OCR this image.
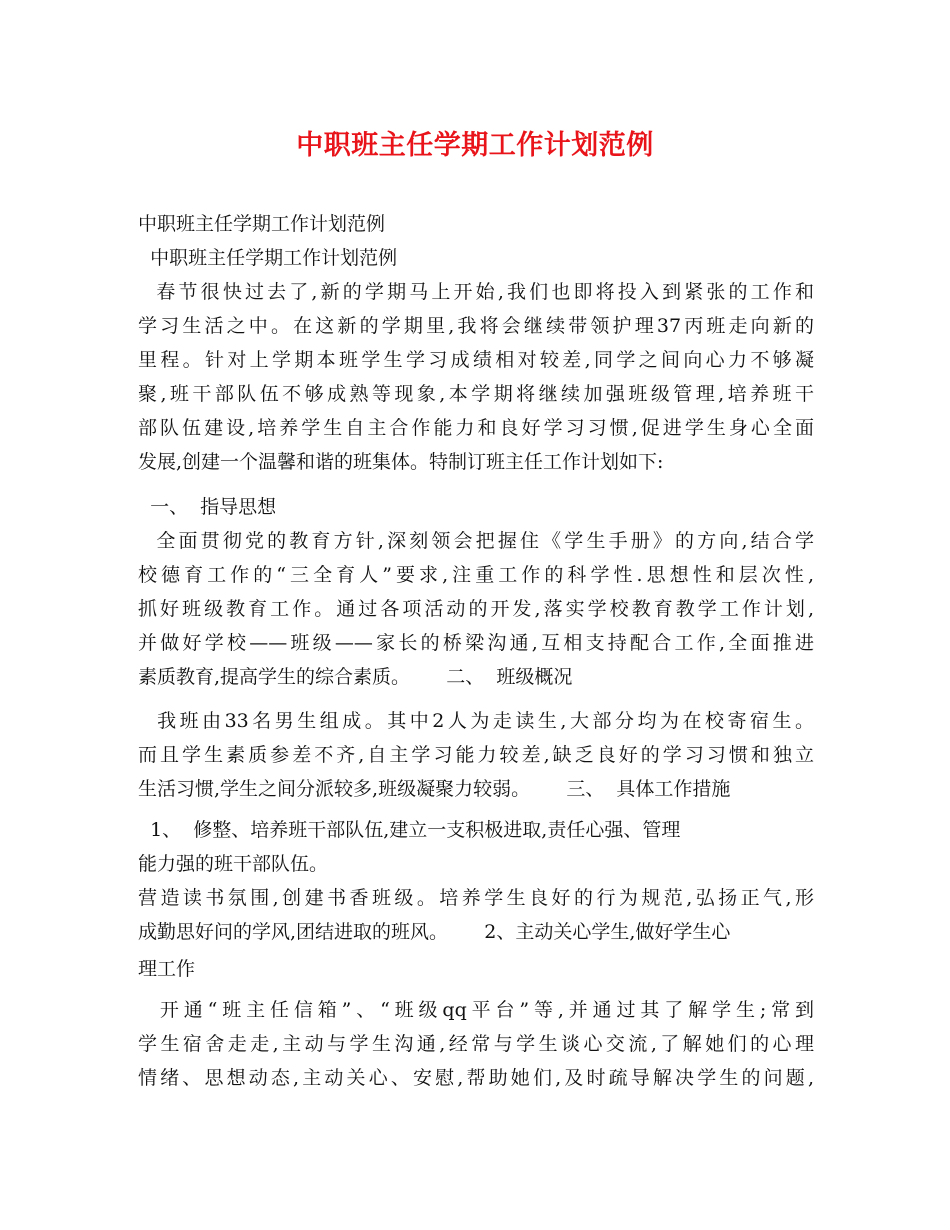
中职班主任学期工作计划范例
中职班主任学期工作计划范例
中职班主任学期工作计划范例
春节很快过去了,新的学期马上开始,我们也即将投入到紧张的工作和
学习生活之中。在这新的学期里,我将会继续带领护理37丙班走向新的
里程。针对上学期本班学生学习成绩相对较差,同学之间向心力不够凝
聚,班干部队伍不够成熟等现象,本学期将继续加强班级管理,培养班干
部队伍建设,培养学生自主合作能力和良好学习习惯,促进学生身心全面
发展,创建一个温馨和谐的班集体。特制订班主任工作计划如下:
一、  指导思想
全面贯彻党的教育方针,深刻领会把握住《学生手册》的方向,结合学
校德育工作的“三全育人”要求,注重工作的科学性.思想性和层次性,
抓好班级教育工作。通过各项活动的开发,落实学校教育教学工作计划,
并做好学校——班级——家长的桥梁沟通,互相支持配合工作,全面推进
素质教育,提高学生的综合素质。      二、  班级概况
我班由33名男生组成。其中2人为走读生,大部分均为在校寄宿生。
而且学生素质参差不齐,自主学习能力较差,缺乏良好的学习习惯和独立
生活习惯,学生之间分派较多,班级凝聚力较弱。      三、  具体工作措施
1、  修整、培养班干部队伍,建立一支积极进取,责任心强、管理
能力强的班干部队伍。
营造读书氛围,创建书香班级。培养学生良好的行为规范,弘扬正气,形
成勤思好问的学风,团结进取的班风。      2、主动关心学生,做好学生心
理工作
开通“班主任信箱”、“班级qq平台”等,并通过其了解学生;常到
学生宿舍走走,主动与学生沟通,经常与学生谈心交流,了解她们的心理
情绪、思想动态,主动关心、安慰,帮助她们,及时疏导解决学生的问题,
